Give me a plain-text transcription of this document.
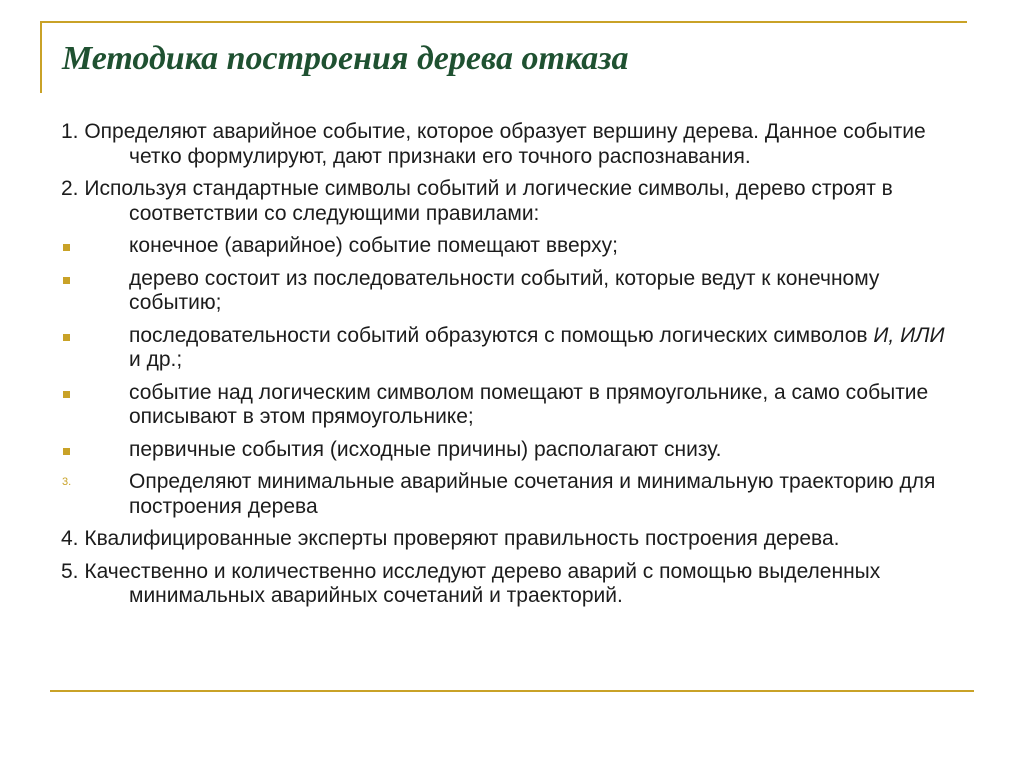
Методика построения дерева отказа

1. Определяют аварийное событие, которое образует вершину дерева. Данное событие четко формулируют, дают признаки его точного распознавания.

2. Используя стандартные символы событий и логические символы, дерево строят в соответствии со следующими правилами:

конечное (аварийное) событие помещают вверху;

дерево состоит из последовательности событий, которые ведут к конечному событию;

последовательности событий образуются с помощью логических символов И, ИЛИ и др.;

событие над логическим символом помещают в прямоугольнике, а само событие описывают в этом прямоугольнике;

первичные события (исходные причины) располагают снизу.

3.	Определяют минимальные аварийные сочетания и минимальную траекторию для построения дерева

4. Квалифицированные эксперты проверяют правильность построения дерева.

5. Качественно и количественно исследуют дерево аварий с помощью выделенных минимальных аварийных сочетаний и траекторий.
